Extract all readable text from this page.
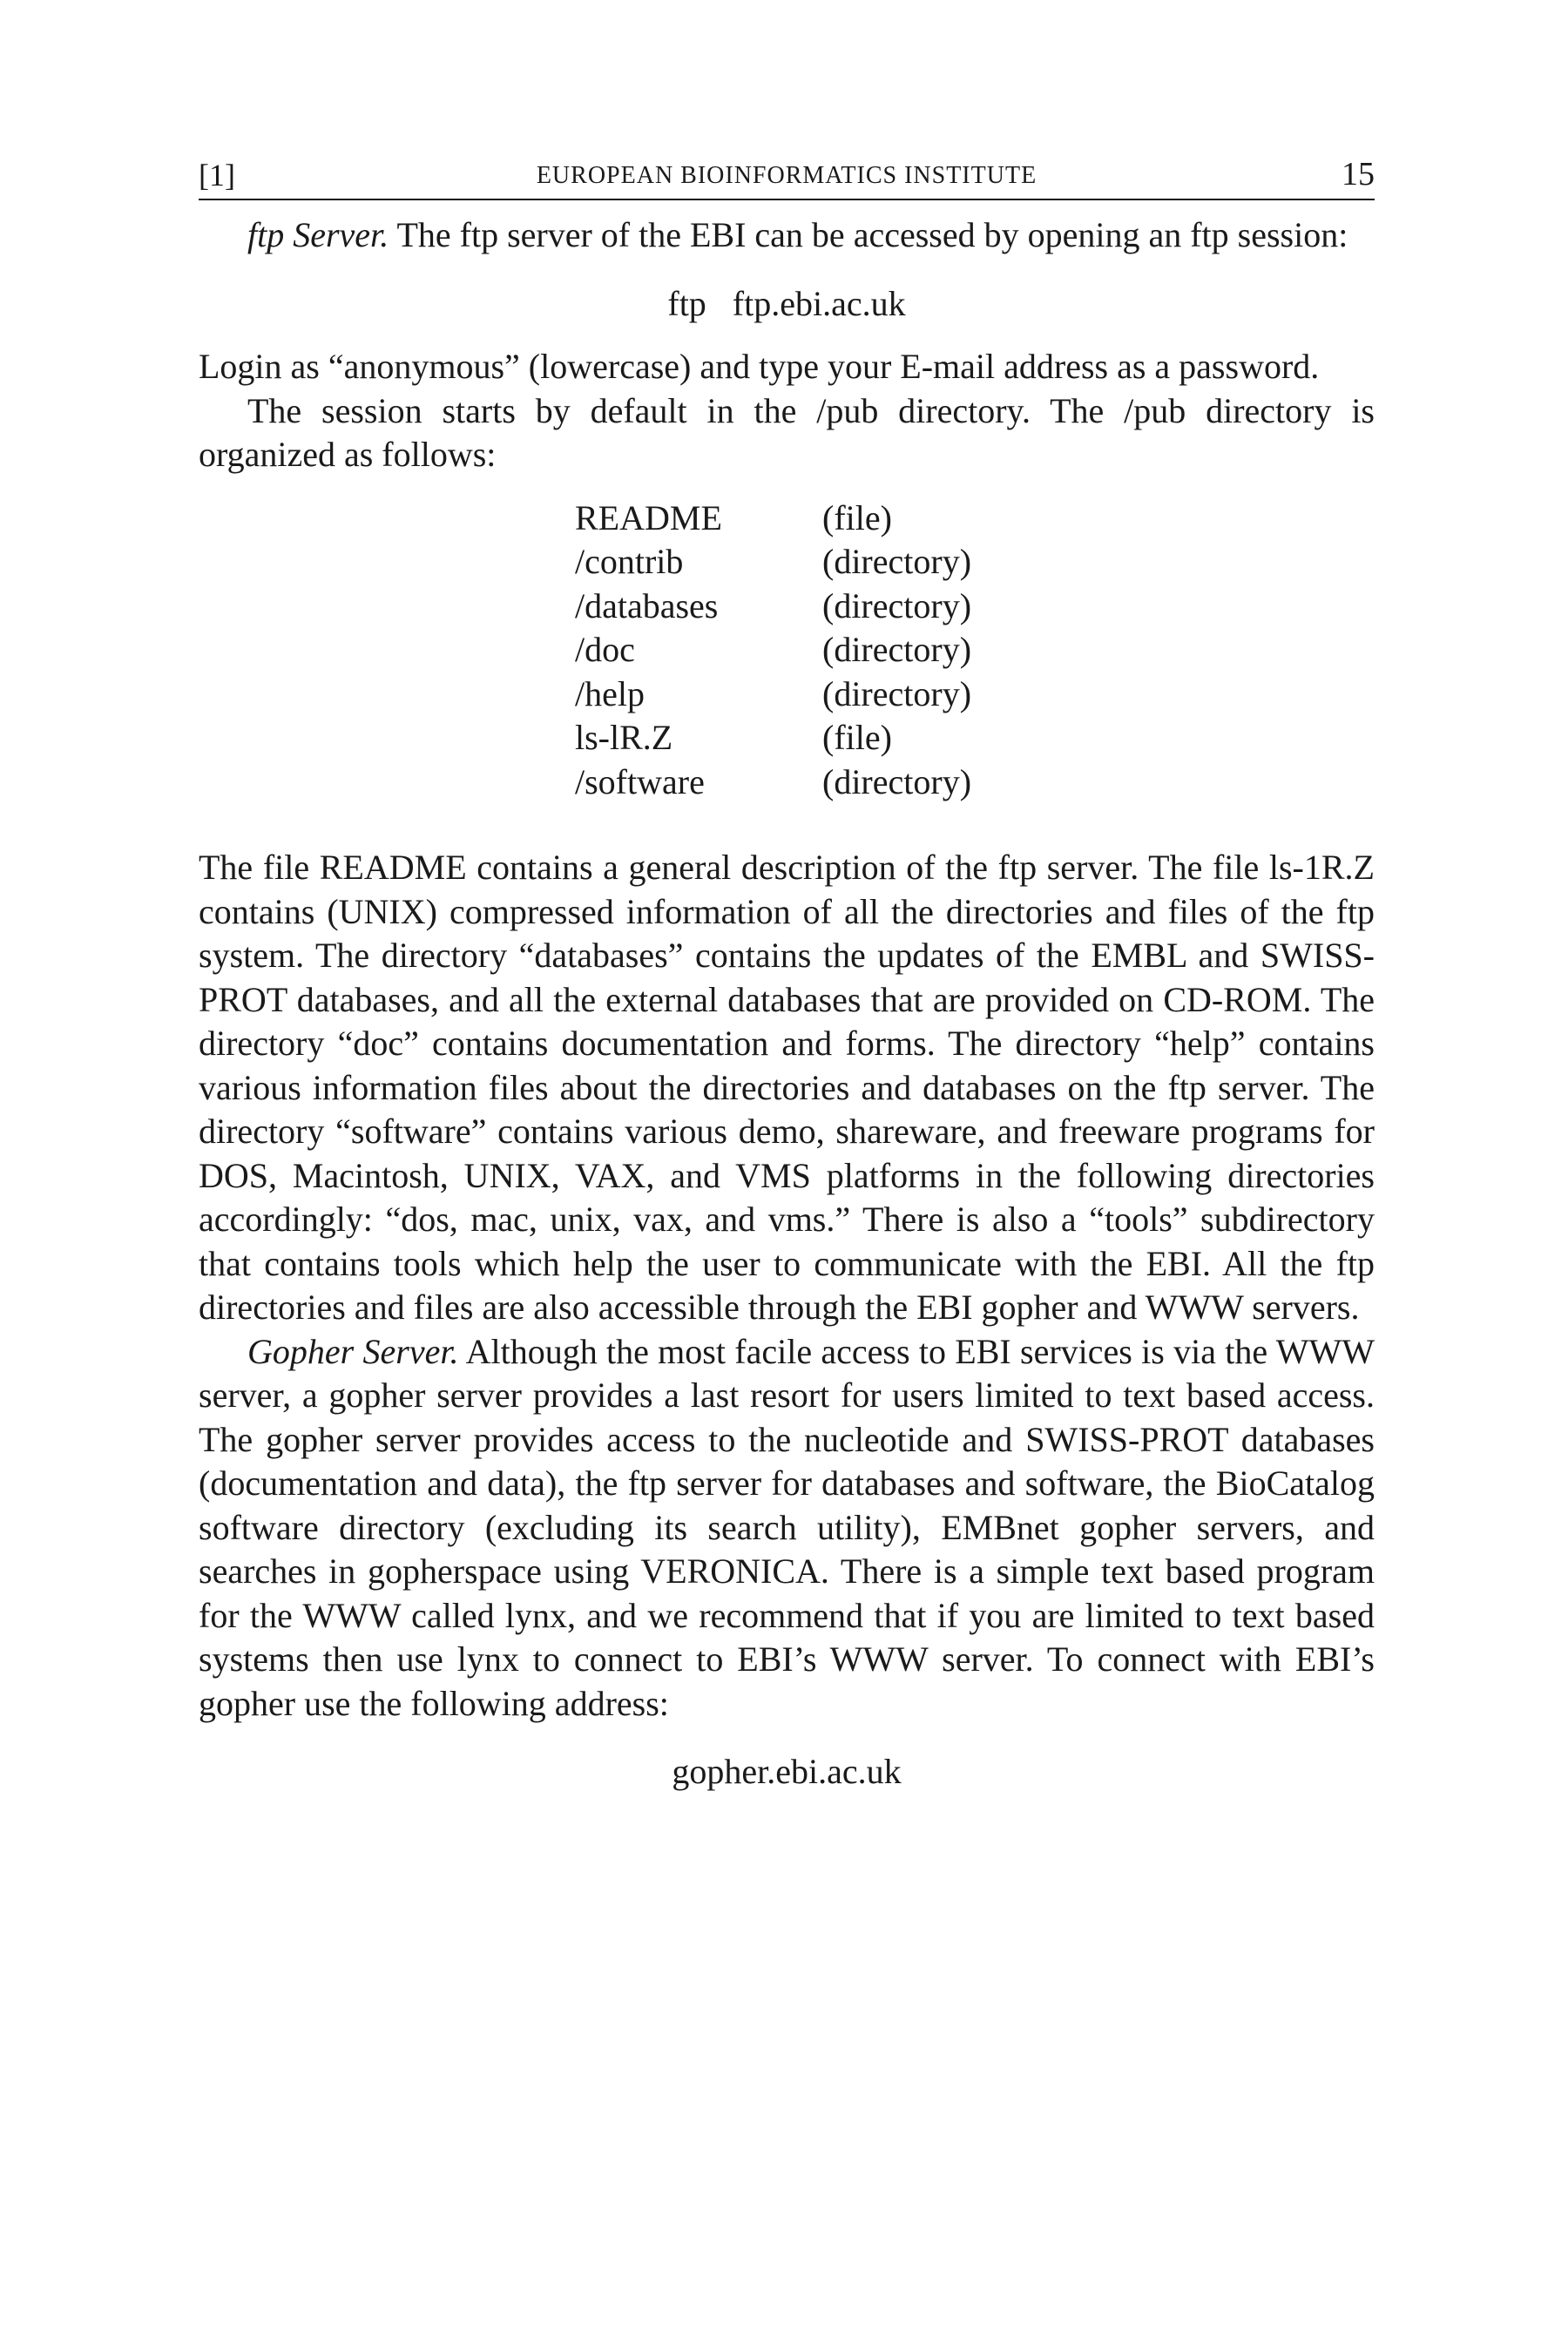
[1]	EUROPEAN BIOINFORMATICS INSTITUTE	15

ftp Server. The ftp server of the EBI can be accessed by opening an ftp session:

ftp   ftp.ebi.ac.uk

Login as “anonymous” (lowercase) and type your E-mail address as a password.

The session starts by default in the /pub directory. The /pub directory is organized as follows:

README	(file)
/contrib	(directory)
/databases	(directory)
/doc	(directory)
/help	(directory)
ls-lR.Z	(file)
/software	(directory)

The file README contains a general description of the ftp server. The file ls-1R.Z contains (UNIX) compressed information of all the directories and files of the ftp system. The directory “databases” contains the updates of the EMBL and SWISS-PROT databases, and all the external databases that are provided on CD-ROM. The directory “doc” contains documentation and forms. The directory “help” contains various information files about the directories and databases on the ftp server. The directory “software” contains various demo, shareware, and freeware programs for DOS, Macintosh, UNIX, VAX, and VMS platforms in the following directories accordingly: “dos, mac, unix, vax, and vms.” There is also a “tools” subdirectory that contains tools which help the user to communicate with the EBI. All the ftp directories and files are also accessible through the EBI gopher and WWW servers.

Gopher Server. Although the most facile access to EBI services is via the WWW server, a gopher server provides a last resort for users limited to text based access. The gopher server provides access to the nucleotide and SWISS-PROT databases (documentation and data), the ftp server for databases and software, the BioCatalog software directory (excluding its search utility), EMBnet gopher servers, and searches in gopherspace using VERONICA. There is a simple text based program for the WWW called lynx, and we recommend that if you are limited to text based systems then use lynx to connect to EBI’s WWW server. To connect with EBI’s gopher use the following address:

gopher.ebi.ac.uk
